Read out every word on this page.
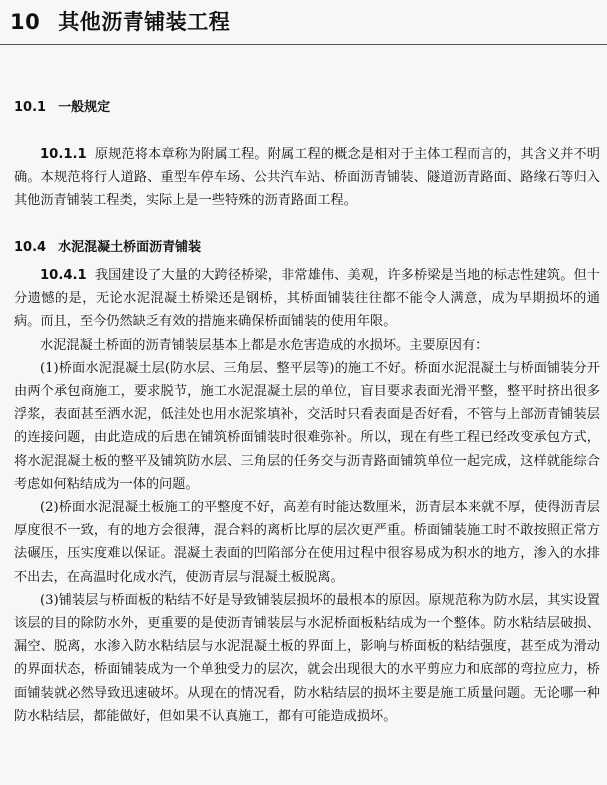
10 其他沥青铺装工程
10.1 一般规定

10.1.1 原规范将本章称为附属工程。附属工程的概念是相对于主体工程而言的，其含义并不明确。本规范将行人道路、重型车停车场、公共汽车站、桥面沥青铺装、隧道沥青路面、路缘石等归入其他沥青铺装工程类，实际上是一些特殊的沥青路面工程。

10.4 水泥混凝土桥面沥青铺装

10.4.1 我国建设了大量的大跨径桥梁，非常雄伟、美观，许多桥梁是当地的标志性建筑。但十分遗憾的是，无论水泥混凝土桥梁还是钢桥，其桥面铺装往往都不能令人满意，成为早期损坏的通病。而且，至今仍然缺乏有效的措施来确保桥面铺装的使用年限。

水泥混凝土桥面的沥青铺装层基本上都是水危害造成的水损坏。主要原因有：

(1)桥面水泥混凝土层(防水层、三角层、整平层等)的施工不好。桥面水泥混凝土与桥面铺装分开由两个承包商施工，要求脱节，施工水泥混凝土层的单位，盲目要求表面光滑平整，整平时挤出很多浮浆，表面甚至洒水泥，低洼处也用水泥浆填补，交活时只看表面是否好看，不管与上部沥青铺装层的连接问题，由此造成的后患在铺筑桥面铺装时很难弥补。所以，现在有些工程已经改变承包方式，将水泥混凝土板的整平及铺筑防水层、三角层的任务交与沥青路面铺筑单位一起完成，这样就能综合考虑如何粘结成为一体的问题。

(2)桥面水泥混凝土板施工的平整度不好，高差有时能达数厘米，沥青层本来就不厚，使得沥青层厚度很不一致，有的地方会很薄，混合料的离析比厚的层次更严重。桥面铺装施工时不敢按照正常方法碾压，压实度难以保证。混凝土表面的凹陷部分在使用过程中很容易成为积水的地方，渗入的水排不出去，在高温时化成水汽，使沥青层与混凝土板脱离。

(3)铺装层与桥面板的粘结不好是导致铺装层损坏的最根本的原因。原规范称为防水层，其实设置该层的目的除防水外，更重要的是使沥青铺装层与水泥桥面板粘结成为一个整体。防水粘结层破损、漏空、脱离，水渗入防水粘结层与水泥混凝土板的界面上，影响与桥面板的粘结强度，甚至成为滑动的界面状态，桥面铺装成为一个单独受力的层次，就会出现很大的水平剪应力和底部的弯拉应力，桥面铺装就必然导致迅速破坏。从现在的情况看，防水粘结层的损坏主要是施工质量问题。无论哪一种防水粘结层，都能做好，但如果不认真施工，都有可能造成损坏。
